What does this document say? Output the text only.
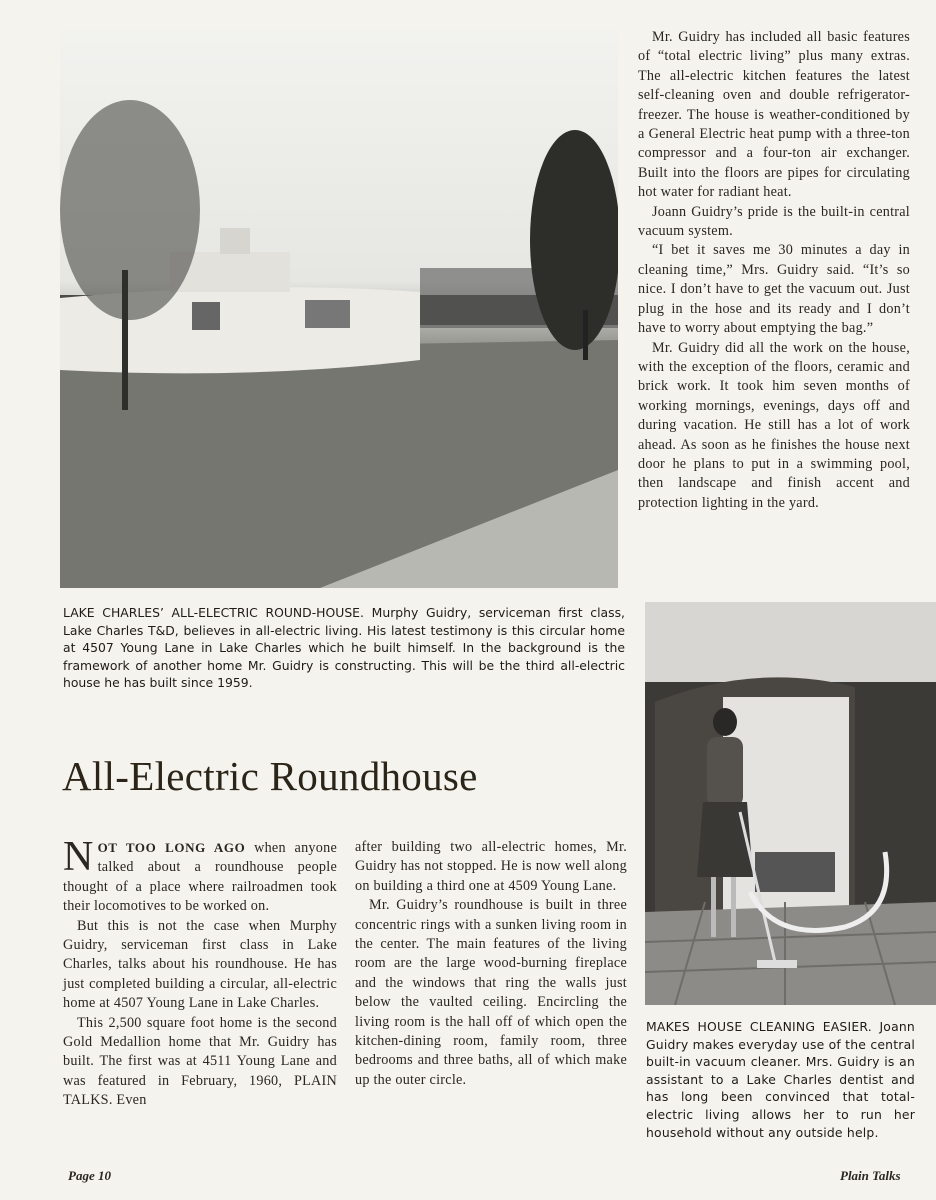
Mr. Guidry has included all basic features of “total electric living” plus many extras. The all-electric kitchen features the latest self-cleaning oven and double refrigerator-freezer. The house is weather-conditioned by a General Electric heat pump with a three-ton compressor and a four-ton air exchanger. Built into the floors are pipes for circulating hot water for radiant heat.

Joann Guidry’s pride is the built-in central vacuum system.

“I bet it saves me 30 minutes a day in cleaning time,” Mrs. Guidry said. “It’s so nice. I don’t have to get the vacuum out. Just plug in the hose and its ready and I don’t have to worry about emptying the bag.”

Mr. Guidry did all the work on the house, with the exception of the floors, ceramic and brick work. It took him seven months of working mornings, evenings, days off and during vacation. He still has a lot of work ahead. As soon as he finishes the house next door he plans to put in a swimming pool, then landscape and finish accent and protection lighting in the yard.

LAKE CHARLES’ ALL-ELECTRIC ROUND-HOUSE. Murphy Guidry, serviceman first class, Lake Charles T&D, believes in all-electric living. His latest testimony is this circular home at 4507 Young Lane in Lake Charles which he built himself. In the background is the framework of another home Mr. Guidry is constructing. This will be the third all-electric house he has built since 1959.
All-Electric Roundhouse

NOT TOO LONG AGO when anyone talked about a roundhouse people thought of a place where railroadmen took their locomotives to be worked on.

But this is not the case when Murphy Guidry, serviceman first class in Lake Charles, talks about his roundhouse. He has just completed building a circular, all-electric home at 4507 Young Lane in Lake Charles.

This 2,500 square foot home is the second Gold Medallion home that Mr. Guidry has built. The first was at 4511 Young Lane and was featured in February, 1960, PLAIN TALKS. Even

after building two all-electric homes, Mr. Guidry has not stopped. He is now well along on building a third one at 4509 Young Lane.

Mr. Guidry’s roundhouse is built in three concentric rings with a sunken living room in the center. The main features of the living room are the large wood-burning fireplace and the windows that ring the walls just below the vaulted ceiling. Encircling the living room is the hall off of which open the kitchen-dining room, family room, three bedrooms and three baths, all of which make up the outer circle.

MAKES HOUSE CLEANING EASIER. Joann Guidry makes everyday use of the central built-in vacuum cleaner. Mrs. Guidry is an assistant to a Lake Charles dentist and has long been convinced that total-electric living allows her to run her household without any outside help.
Page 10	Plain Talks
